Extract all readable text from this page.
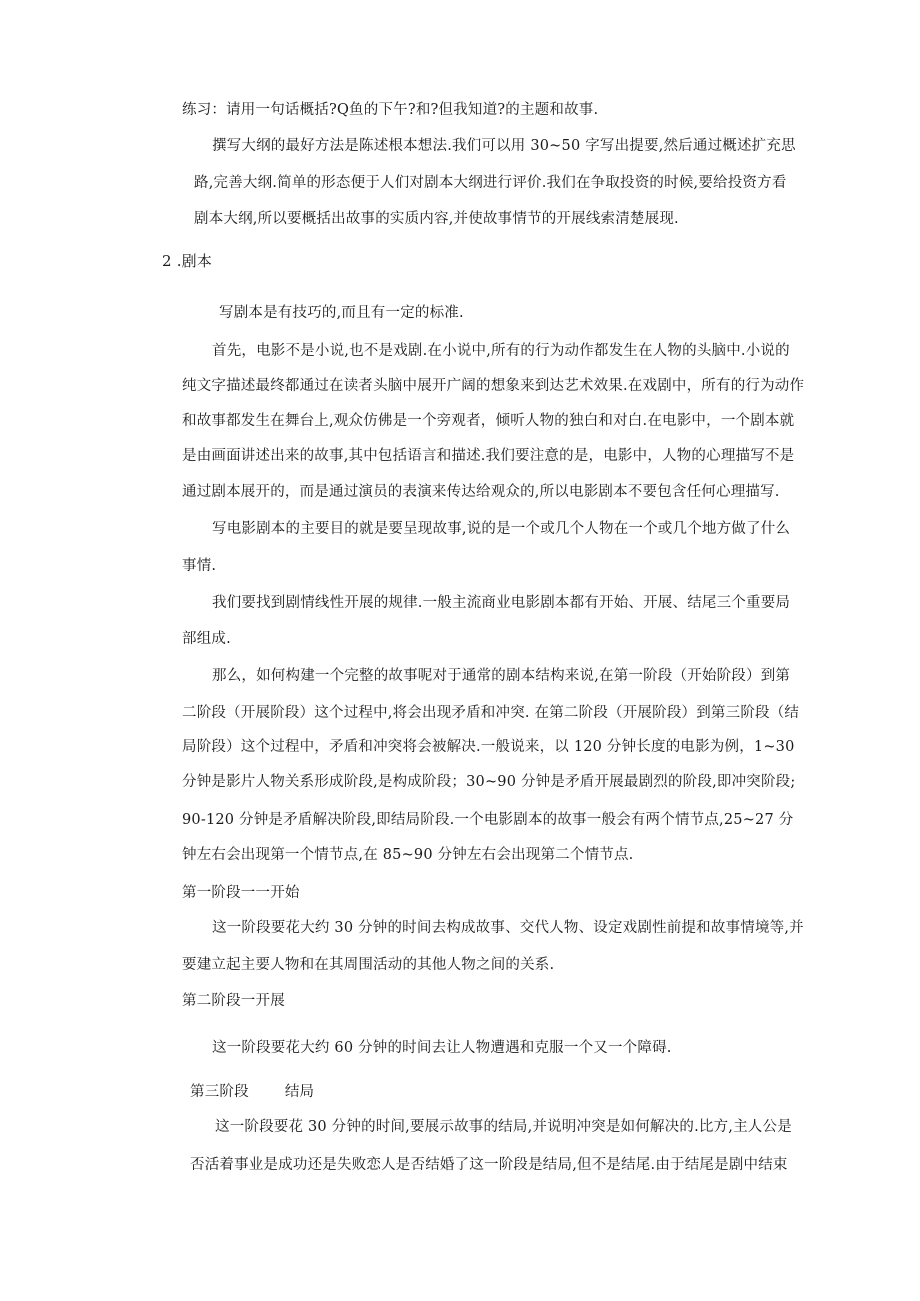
练习：请用一句话概括?Q鱼的下午?和?但我知道?的主题和故事.

撰写大纲的最好方法是陈述根本想法.我们可以用 30~50 字写出提要,然后通过概述扩充思

路,完善大纲.简单的形态便于人们对剧本大纲进行评价.我们在争取投资的时候,要给投资方看

剧本大纲,所以要概括出故事的实质内容,并使故事情节的开展线索清楚展现.

2 .剧本

写剧本是有技巧的,而且有一定的标准.

首先，电影不是小说,也不是戏剧.在小说中,所有的行为动作都发生在人物的头脑中.小说的

纯文字描述最终都通过在读者头脑中展开广阔的想象来到达艺术效果.在戏剧中，所有的行为动作

和故事都发生在舞台上,观众仿佛是一个旁观者，倾听人物的独白和对白.在电影中，一个剧本就

是由画面讲述出来的故事,其中包括语言和描述.我们要注意的是，电影中，人物的心理描写不是

通过剧本展开的，而是通过演员的表演来传达给观众的,所以电影剧本不要包含任何心理描写.

写电影剧本的主要目的就是要呈现故事,说的是一个或几个人物在一个或几个地方做了什么

事情.

我们要找到剧情线性开展的规律.一般主流商业电影剧本都有开始、开展、结尾三个重要局

部组成.

那么，如何构建一个完整的故事呢对于通常的剧本结构来说,在第一阶段（开始阶段）到第

二阶段（开展阶段）这个过程中,将会出现矛盾和冲突. 在第二阶段（开展阶段）到第三阶段（结

局阶段）这个过程中，矛盾和冲突将会被解决.一般说来，以 120 分钟长度的电影为例，1~30

分钟是影片人物关系形成阶段,是构成阶段；30~90 分钟是矛盾开展最剧烈的阶段,即冲突阶段;

90-120 分钟是矛盾解决阶段,即结局阶段.一个电影剧本的故事一般会有两个情节点,25~27 分

钟左右会出现第一个情节点,在 85~90 分钟左右会出现第二个情节点.

第一阶段一一开始

这一阶段要花大约 30 分钟的时间去构成故事、交代人物、设定戏剧性前提和故事情境等,并

要建立起主要人物和在其周围活动的其他人物之间的关系.

第二阶段一开展

这一阶段要花大约 60 分钟的时间去让人物遭遇和克服一个又一个障碍.

第三阶段 结局

这一阶段要花 30 分钟的时间,要展示故事的结局,并说明冲突是如何解决的.比方,主人公是

否活着事业是成功还是失败恋人是否结婚了这一阶段是结局,但不是结尾.由于结尾是剧中结束
